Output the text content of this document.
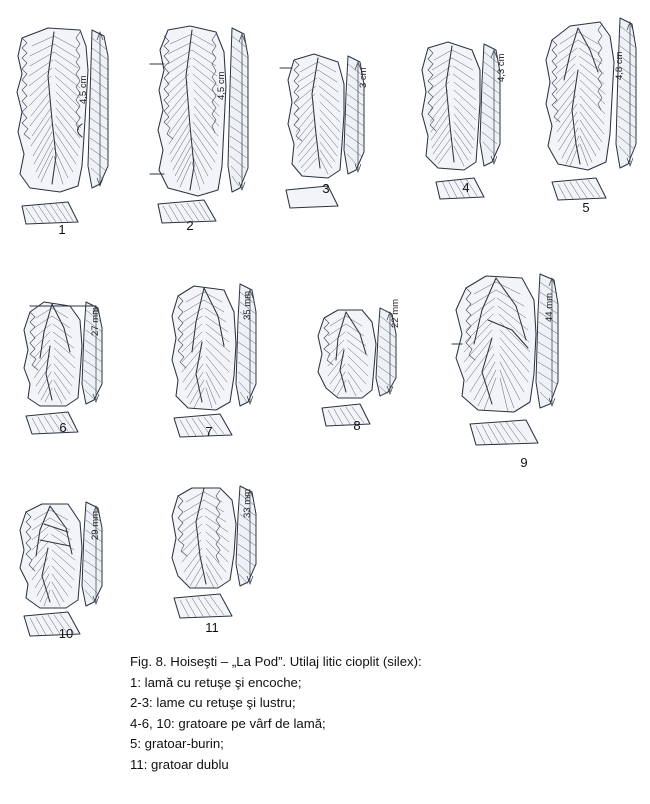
4,5 cm
1
4,5 cm
2
3 cm
3
4,3 cm
4
4,8 cm
5
27 mm
6
35 mm
7
22 mm
8
44 mm
9
29 mm
10
33 mm
11
Fig. 8. Hoiseşti – „La Pod”. Utilaj litic cioplit (silex):
1: lamă cu retuşe şi encoche;
2-3: lame cu retuşe şi lustru;
4-6, 10: gratoare pe vârf de lamă;
5: gratoar-burin;
11: gratoar dublu
